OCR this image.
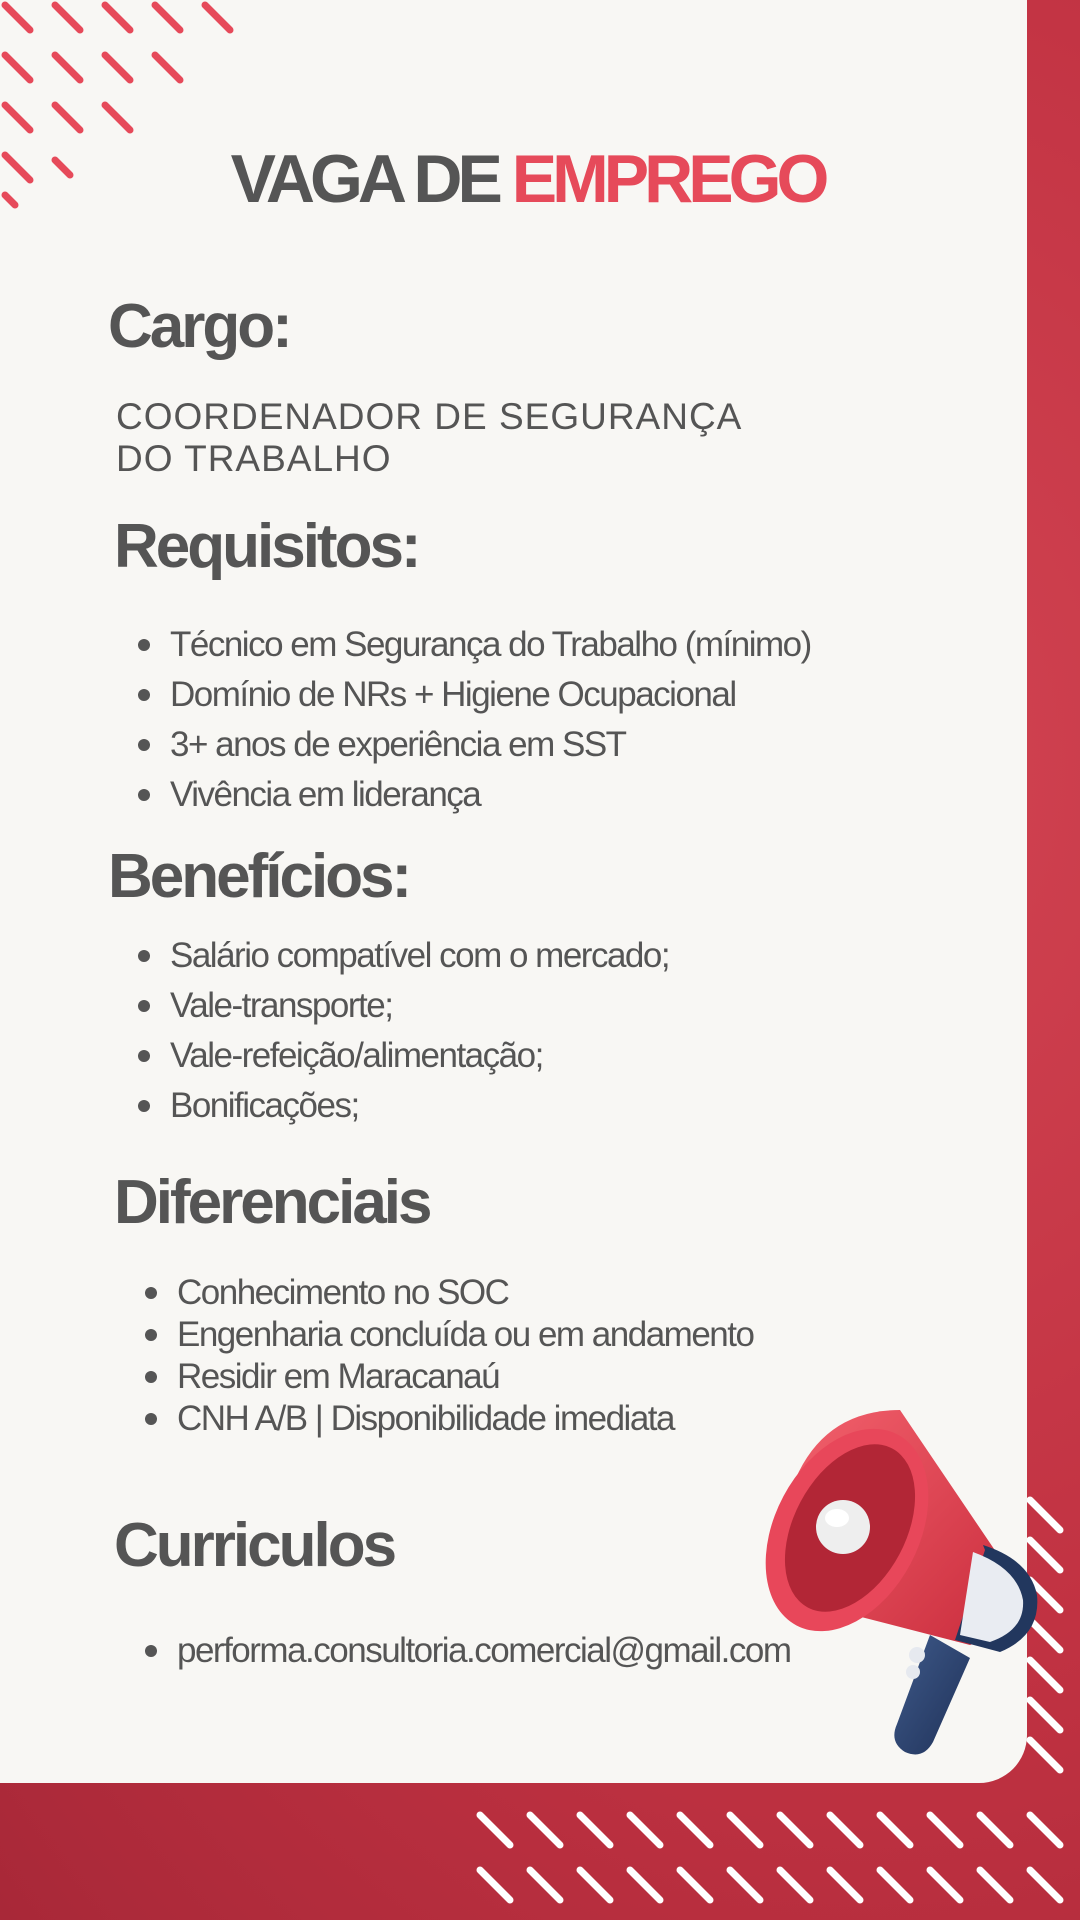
VAGA DE EMPREGO
Cargo:

COORDENADOR DE SEGURANÇA
DO TRABALHO

Requisitos:
Técnico em Segurança do Trabalho (mínimo)
Domínio de NRs + Higiene Ocupacional
3+ anos de experiência em SST
Vivência em liderança
Benefícios:
Salário compatível com o mercado;
Vale-transporte;
Vale-refeição/alimentação;
Bonificações;
Diferenciais
Conhecimento no SOC
Engenharia concluída ou em andamento
Residir em Maracanaú
CNH A/B | Disponibilidade imediata
Curriculos
performa.consultoria.comercial@gmail.com
